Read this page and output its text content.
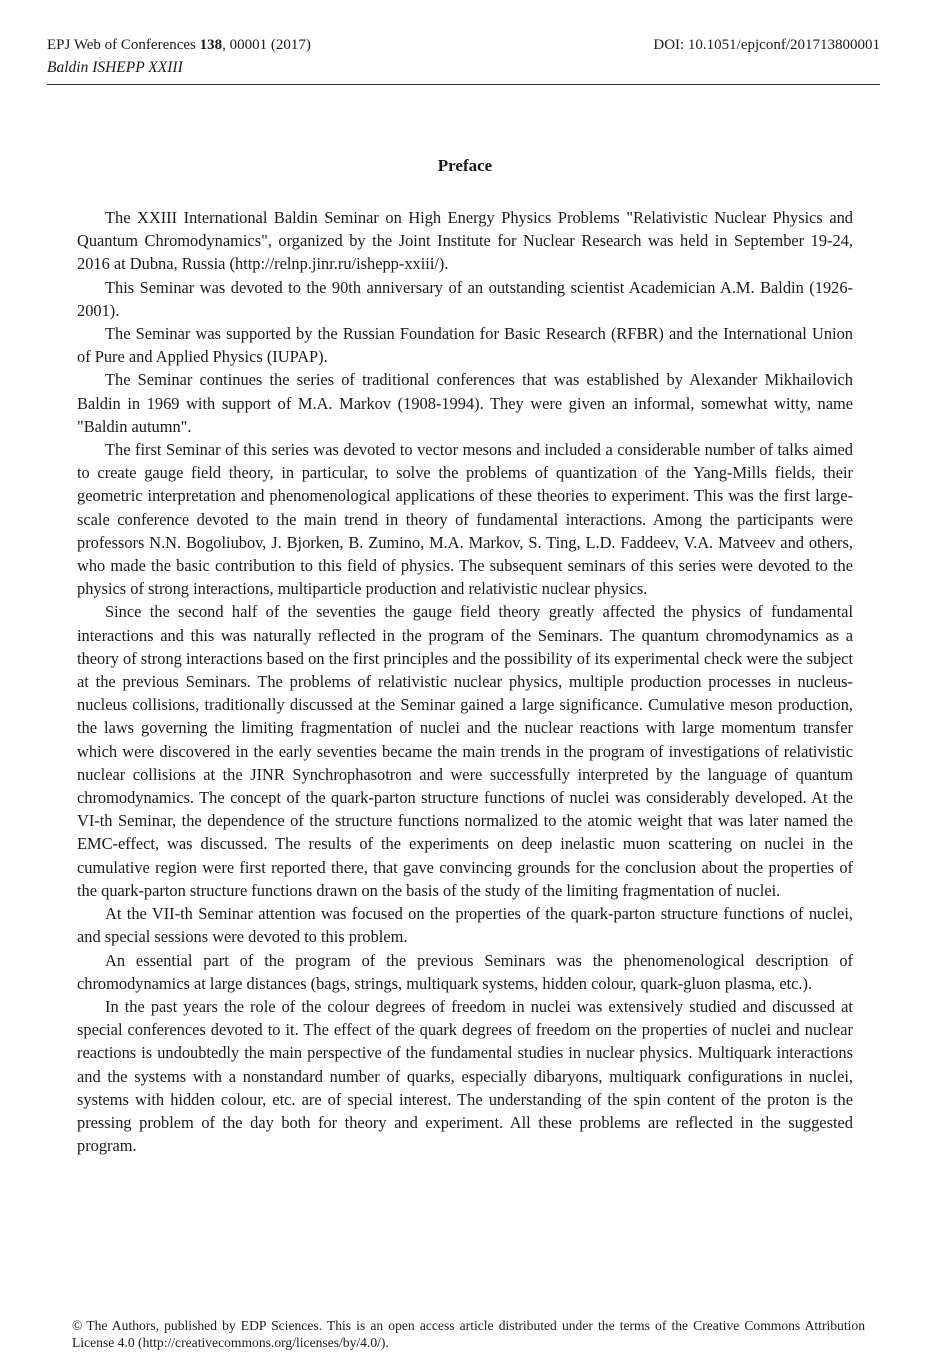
EPJ Web of Conferences 138, 00001 (2017)	DOI: 10.1051/epjconf/201713800001
Baldin ISHEPP XXIII
Preface

The XXIII International Baldin Seminar on High Energy Physics Problems "Relativistic Nuclear Physics and Quantum Chromodynamics", organized by the Joint Institute for Nuclear Research was held in September 19-24, 2016 at Dubna, Russia (http://relnp.jinr.ru/ishepp-xxiii/).

This Seminar was devoted to the 90th anniversary of an outstanding scientist Academician A.M. Baldin (1926-2001).

The Seminar was supported by the Russian Foundation for Basic Research (RFBR) and the International Union of Pure and Applied Physics (IUPAP).

The Seminar continues the series of traditional conferences that was established by Alexander Mikhailovich Baldin in 1969 with support of M.A. Markov (1908-1994). They were given an informal, somewhat witty, name "Baldin autumn".

The first Seminar of this series was devoted to vector mesons and included a considerable number of talks aimed to create gauge field theory, in particular, to solve the problems of quantization of the Yang-Mills fields, their geometric interpretation and phenomenological applications of these theories to experiment. This was the first large-scale conference devoted to the main trend in theory of fundamental interactions. Among the participants were professors N.N. Bogoliubov, J. Bjorken, B. Zumino, M.A. Markov, S. Ting, L.D. Faddeev, V.A. Matveev and others, who made the basic contribution to this field of physics. The subsequent seminars of this series were devoted to the physics of strong interactions, multiparticle production and relativistic nuclear physics.

Since the second half of the seventies the gauge field theory greatly affected the physics of fundamental interactions and this was naturally reflected in the program of the Seminars. The quantum chromodynamics as a theory of strong interactions based on the first principles and the possibility of its experimental check were the subject at the previous Seminars. The problems of relativistic nuclear physics, multiple production processes in nucleus-nucleus collisions, traditionally discussed at the Seminar gained a large significance. Cumulative meson production, the laws governing the limiting fragmentation of nuclei and the nuclear reactions with large momentum transfer which were discovered in the early seventies became the main trends in the program of investigations of relativistic nuclear collisions at the JINR Synchrophasotron and were successfully interpreted by the language of quantum chromodynamics. The concept of the quark-parton structure functions of nuclei was considerably developed. At the VI-th Seminar, the dependence of the structure functions normalized to the atomic weight that was later named the EMC-effect, was discussed. The results of the experiments on deep inelastic muon scattering on nuclei in the cumulative region were first reported there, that gave convincing grounds for the conclusion about the properties of the quark-parton structure functions drawn on the basis of the study of the limiting fragmentation of nuclei.

At the VII-th Seminar attention was focused on the properties of the quark-parton structure functions of nuclei, and special sessions were devoted to this problem.

An essential part of the program of the previous Seminars was the phenomenological description of chromodynamics at large distances (bags, strings, multiquark systems, hidden colour, quark-gluon plasma, etc.).

In the past years the role of the colour degrees of freedom in nuclei was extensively studied and discussed at special conferences devoted to it. The effect of the quark degrees of freedom on the properties of nuclei and nuclear reactions is undoubtedly the main perspective of the fundamental studies in nuclear physics. Multiquark interactions and the systems with a nonstandard number of quarks, especially dibaryons, multiquark configurations in nuclei, systems with hidden colour, etc. are of special interest. The understanding of the spin content of the proton is the pressing problem of the day both for theory and experiment. All these problems are reflected in the suggested program.

© The Authors, published by EDP Sciences. This is an open access article distributed under the terms of the Creative Commons Attribution License 4.0 (http://creativecommons.org/licenses/by/4.0/).
